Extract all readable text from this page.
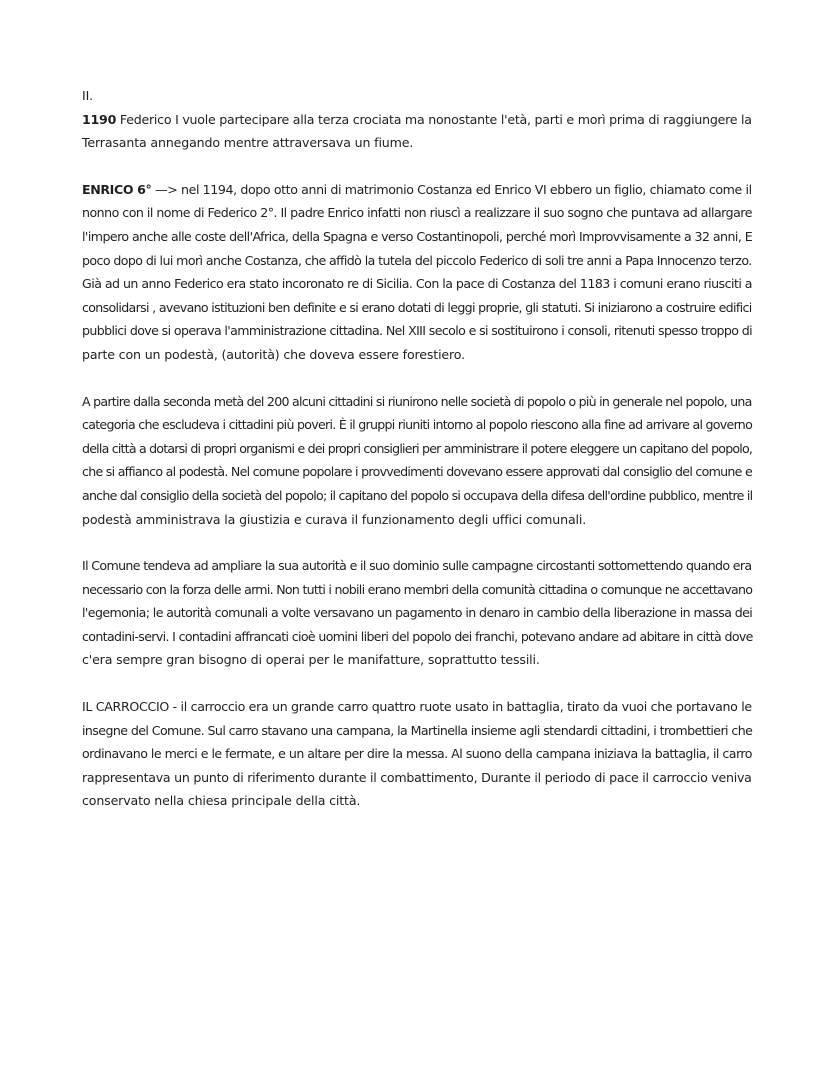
II.
1190 Federico I vuole partecipare alla terza crociata ma nonostante l'età, parti e morì prima di raggiungere la
Terrasanta annegando mentre attraversava un fiume.
ENRICO 6° —> nel 1194, dopo otto anni di matrimonio Costanza ed Enrico VI ebbero un figlio, chiamato come il
nonno con il nome di Federico 2°. Il padre Enrico infatti non riuscì a realizzare il suo sogno che puntava ad allargare
l'impero anche alle coste dell'Africa, della Spagna e verso Costantinopoli, perché morì Improvvisamente a 32 anni, E
poco dopo di lui morì anche Costanza, che affidò la tutela del piccolo Federico di soli tre anni a Papa Innocenzo terzo.
Già ad un anno Federico era stato incoronato re di Sicilia. Con la pace di Costanza del 1183 i comuni erano riusciti a
consolidarsi , avevano istituzioni ben definite e si erano dotati di leggi proprie, gli statuti. Si iniziarono a costruire edifici
pubblici dove si operava l'amministrazione cittadina. Nel XIII secolo e si sostituirono i consoli, ritenuti spesso troppo di
parte con un podestà, (autorità) che doveva essere forestiero.
A partire dalla seconda metà del 200 alcuni cittadini si riunirono nelle società di popolo o più in generale nel popolo, una
categoria che escludeva i cittadini più poveri. È il gruppi riuniti intorno al popolo riescono alla fine ad arrivare al governo
della città a dotarsi di propri organismi e dei propri consiglieri per amministrare il potere eleggere un capitano del popolo,
che si affianco al podestà. Nel comune popolare i provvedimenti dovevano essere approvati dal consiglio del comune e
anche dal consiglio della società del popolo; il capitano del popolo si occupava della difesa dell'ordine pubblico, mentre il
podestà amministrava la giustizia e curava il funzionamento degli uffici comunali.
Il Comune tendeva ad ampliare la sua autorità e il suo dominio sulle campagne circostanti sottomettendo quando era
necessario con la forza delle armi. Non tutti i nobili erano membri della comunità cittadina o comunque ne accettavano
l'egemonia; le autorità comunali a volte versavano un pagamento in denaro in cambio della liberazione in massa dei
contadini-servi. I contadini affrancati cioè uomini liberi del popolo dei franchi, potevano andare ad abitare in città dove
c'era sempre gran bisogno di operai per le manifatture, soprattutto tessili.
IL CARROCCIO - il carroccio era un grande carro quattro ruote usato in battaglia, tirato da vuoi che portavano le
insegne del Comune. Sul carro stavano una campana, la Martinella insieme agli stendardi cittadini, i trombettieri che
ordinavano le merci e le fermate, e un altare per dire la messa. Al suono della campana iniziava la battaglia, il carro
rappresentava un punto di riferimento durante il combattimento, Durante il periodo di pace il carroccio veniva
conservato nella chiesa principale della città.
